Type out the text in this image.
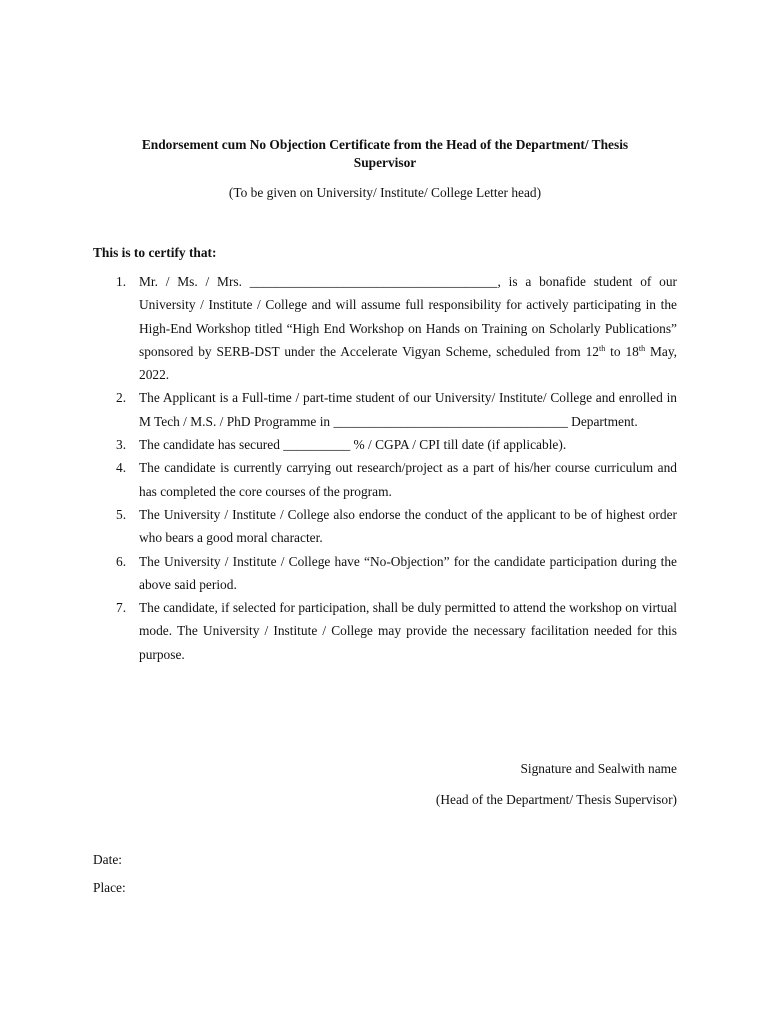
Endorsement cum No Objection Certificate from the Head of the Department/ Thesis Supervisor
(To be given on University/ Institute/ College Letter head)
This is to certify that:
1. Mr. / Ms. / Mrs. _____________________________________, is a bonafide student of our University / Institute / College and will assume full responsibility for actively participating in the High-End Workshop titled “High End Workshop on Hands on Training on Scholarly Publications” sponsored by SERB-DST under the Accelerate Vigyan Scheme, scheduled from 12th to 18th May, 2022.
2. The Applicant is a Full-time / part-time student of our University/ Institute/ College and enrolled in M Tech / M.S. / PhD Programme in ___________________________________ Department.
3. The candidate has secured __________ % / CGPA / CPI till date (if applicable).
4. The candidate is currently carrying out research/project as a part of his/her course curriculum and has completed the core courses of the program.
5. The University / Institute / College also endorse the conduct of the applicant to be of highest order who bears a good moral character.
6. The University / Institute / College have “No-Objection” for the candidate participation during the above said period.
7. The candidate, if selected for participation, shall be duly permitted to attend the workshop on virtual mode. The University / Institute / College may provide the necessary facilitation needed for this purpose.
Signature and Sealwith name
(Head of the Department/ Thesis Supervisor)
Date:
Place:
